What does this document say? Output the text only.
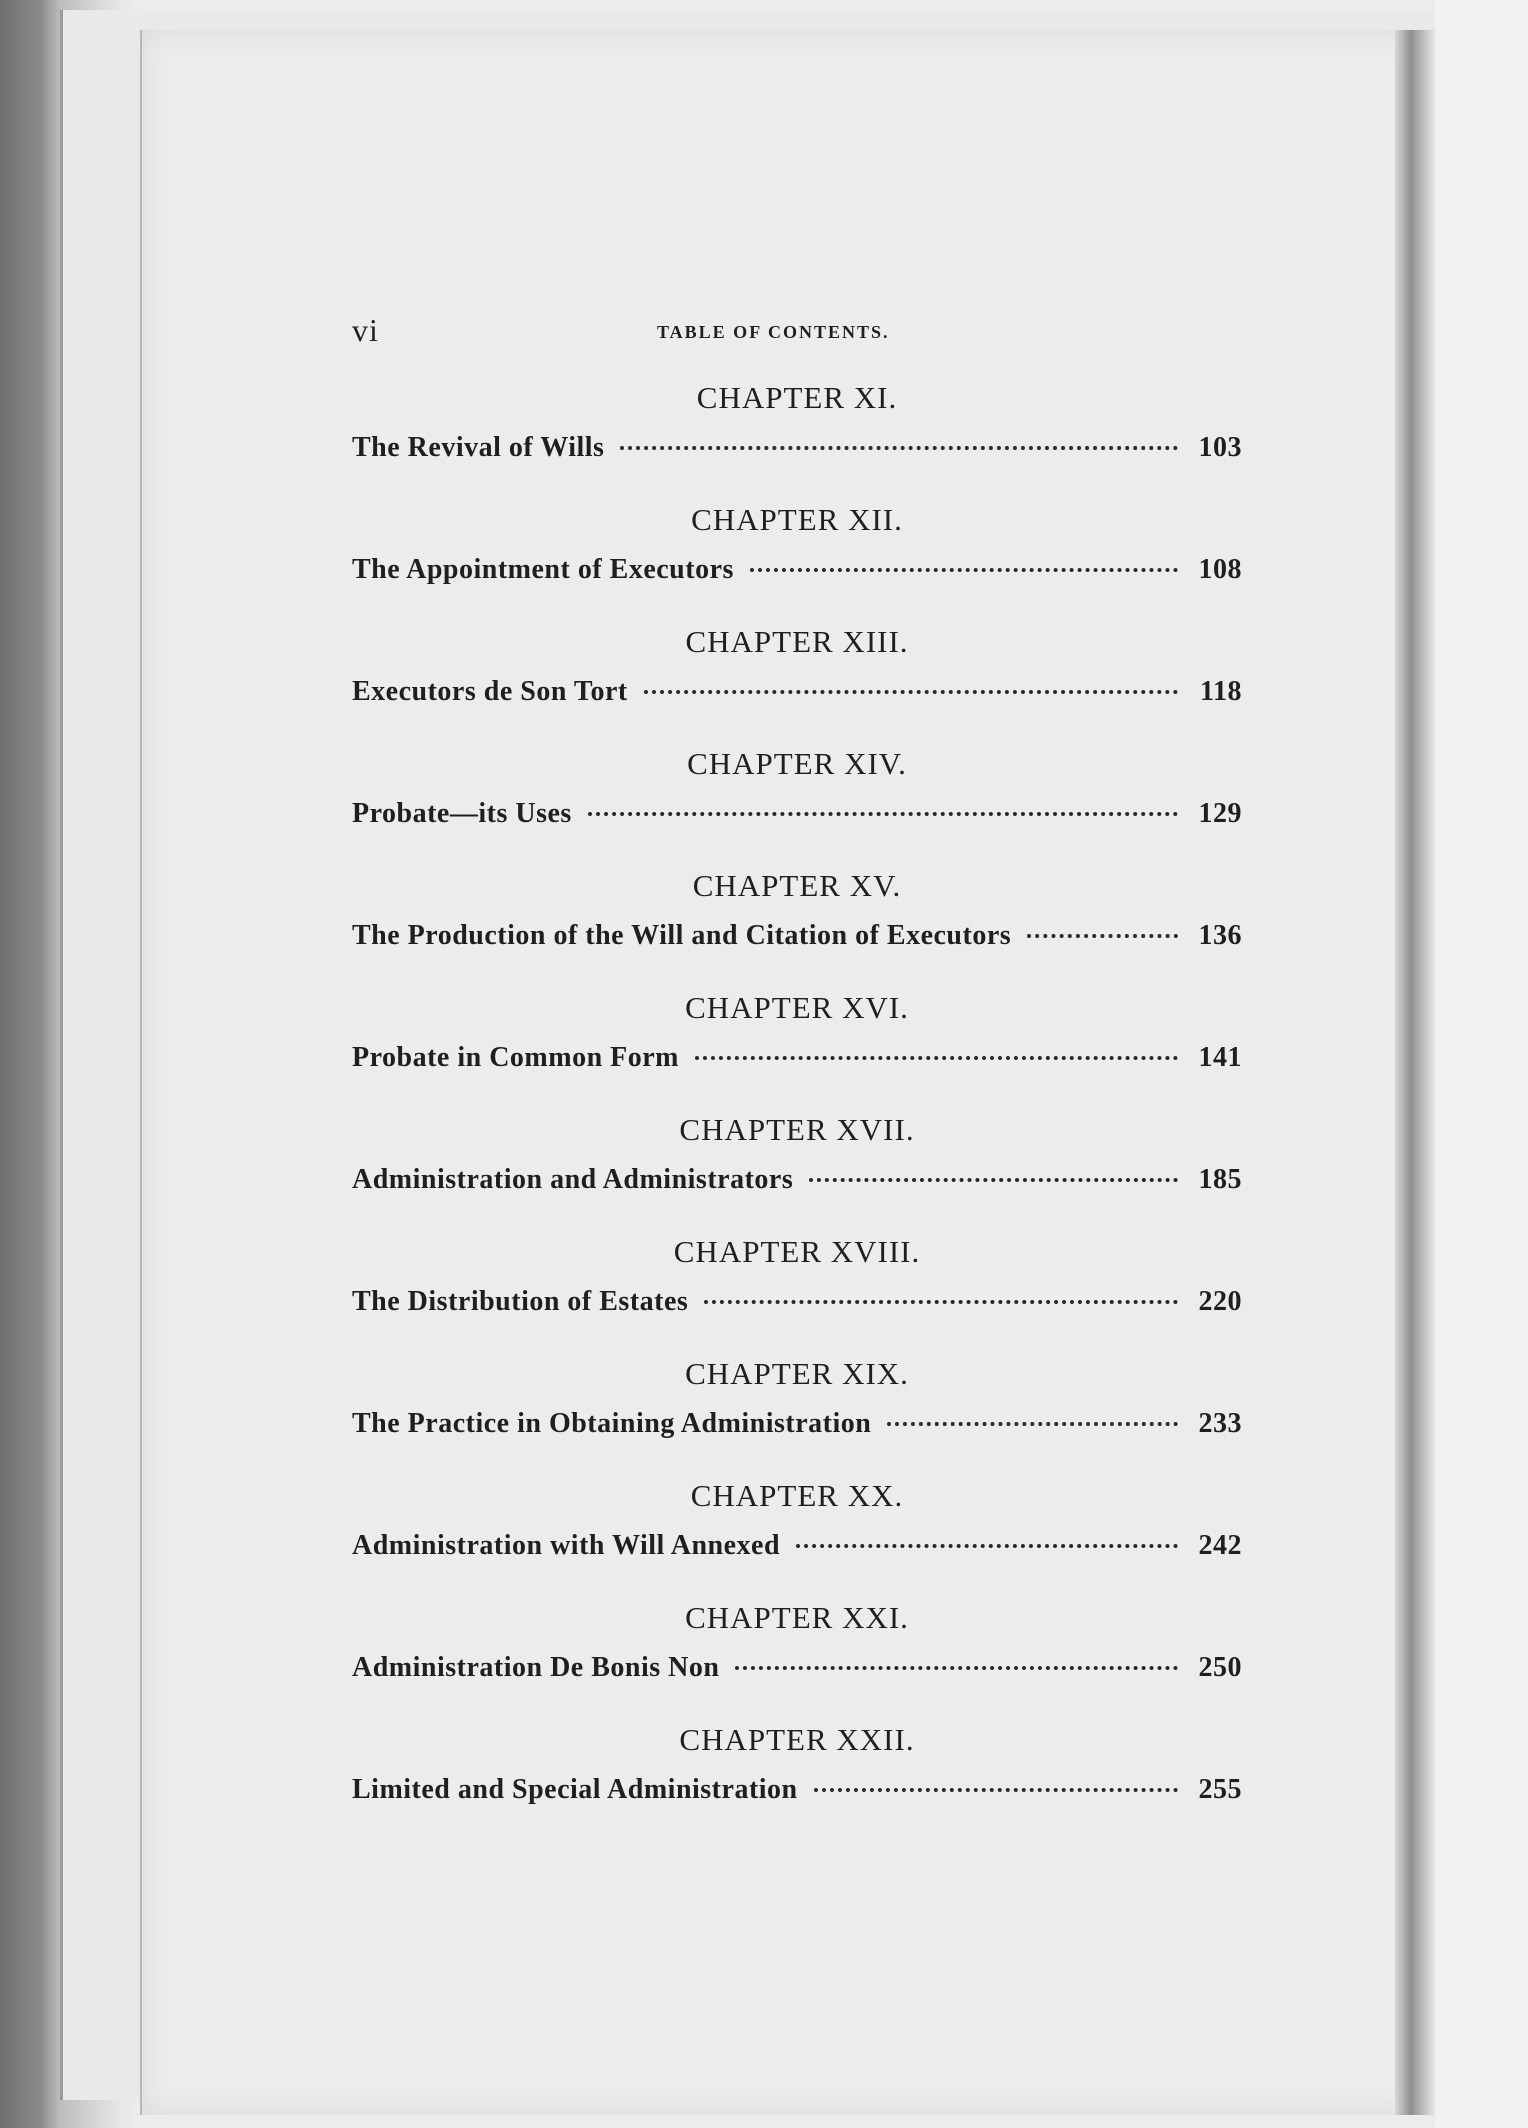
vi	TABLE OF CONTENTS.
CHAPTER XI.
The Revival of Wills	103
CHAPTER XII.
The Appointment of Executors	108
CHAPTER XIII.
Executors de Son Tort	118
CHAPTER XIV.
Probate—its Uses	129
CHAPTER XV.
The Production of the Will and Citation of Executors	136
CHAPTER XVI.
Probate in Common Form	141
CHAPTER XVII.
Administration and Administrators	185
CHAPTER XVIII.
The Distribution of Estates	220
CHAPTER XIX.
The Practice in Obtaining Administration	233
CHAPTER XX.
Administration with Will Annexed	242
CHAPTER XXI.
Administration De Bonis Non	250
CHAPTER XXII.
Limited and Special Administration	255
